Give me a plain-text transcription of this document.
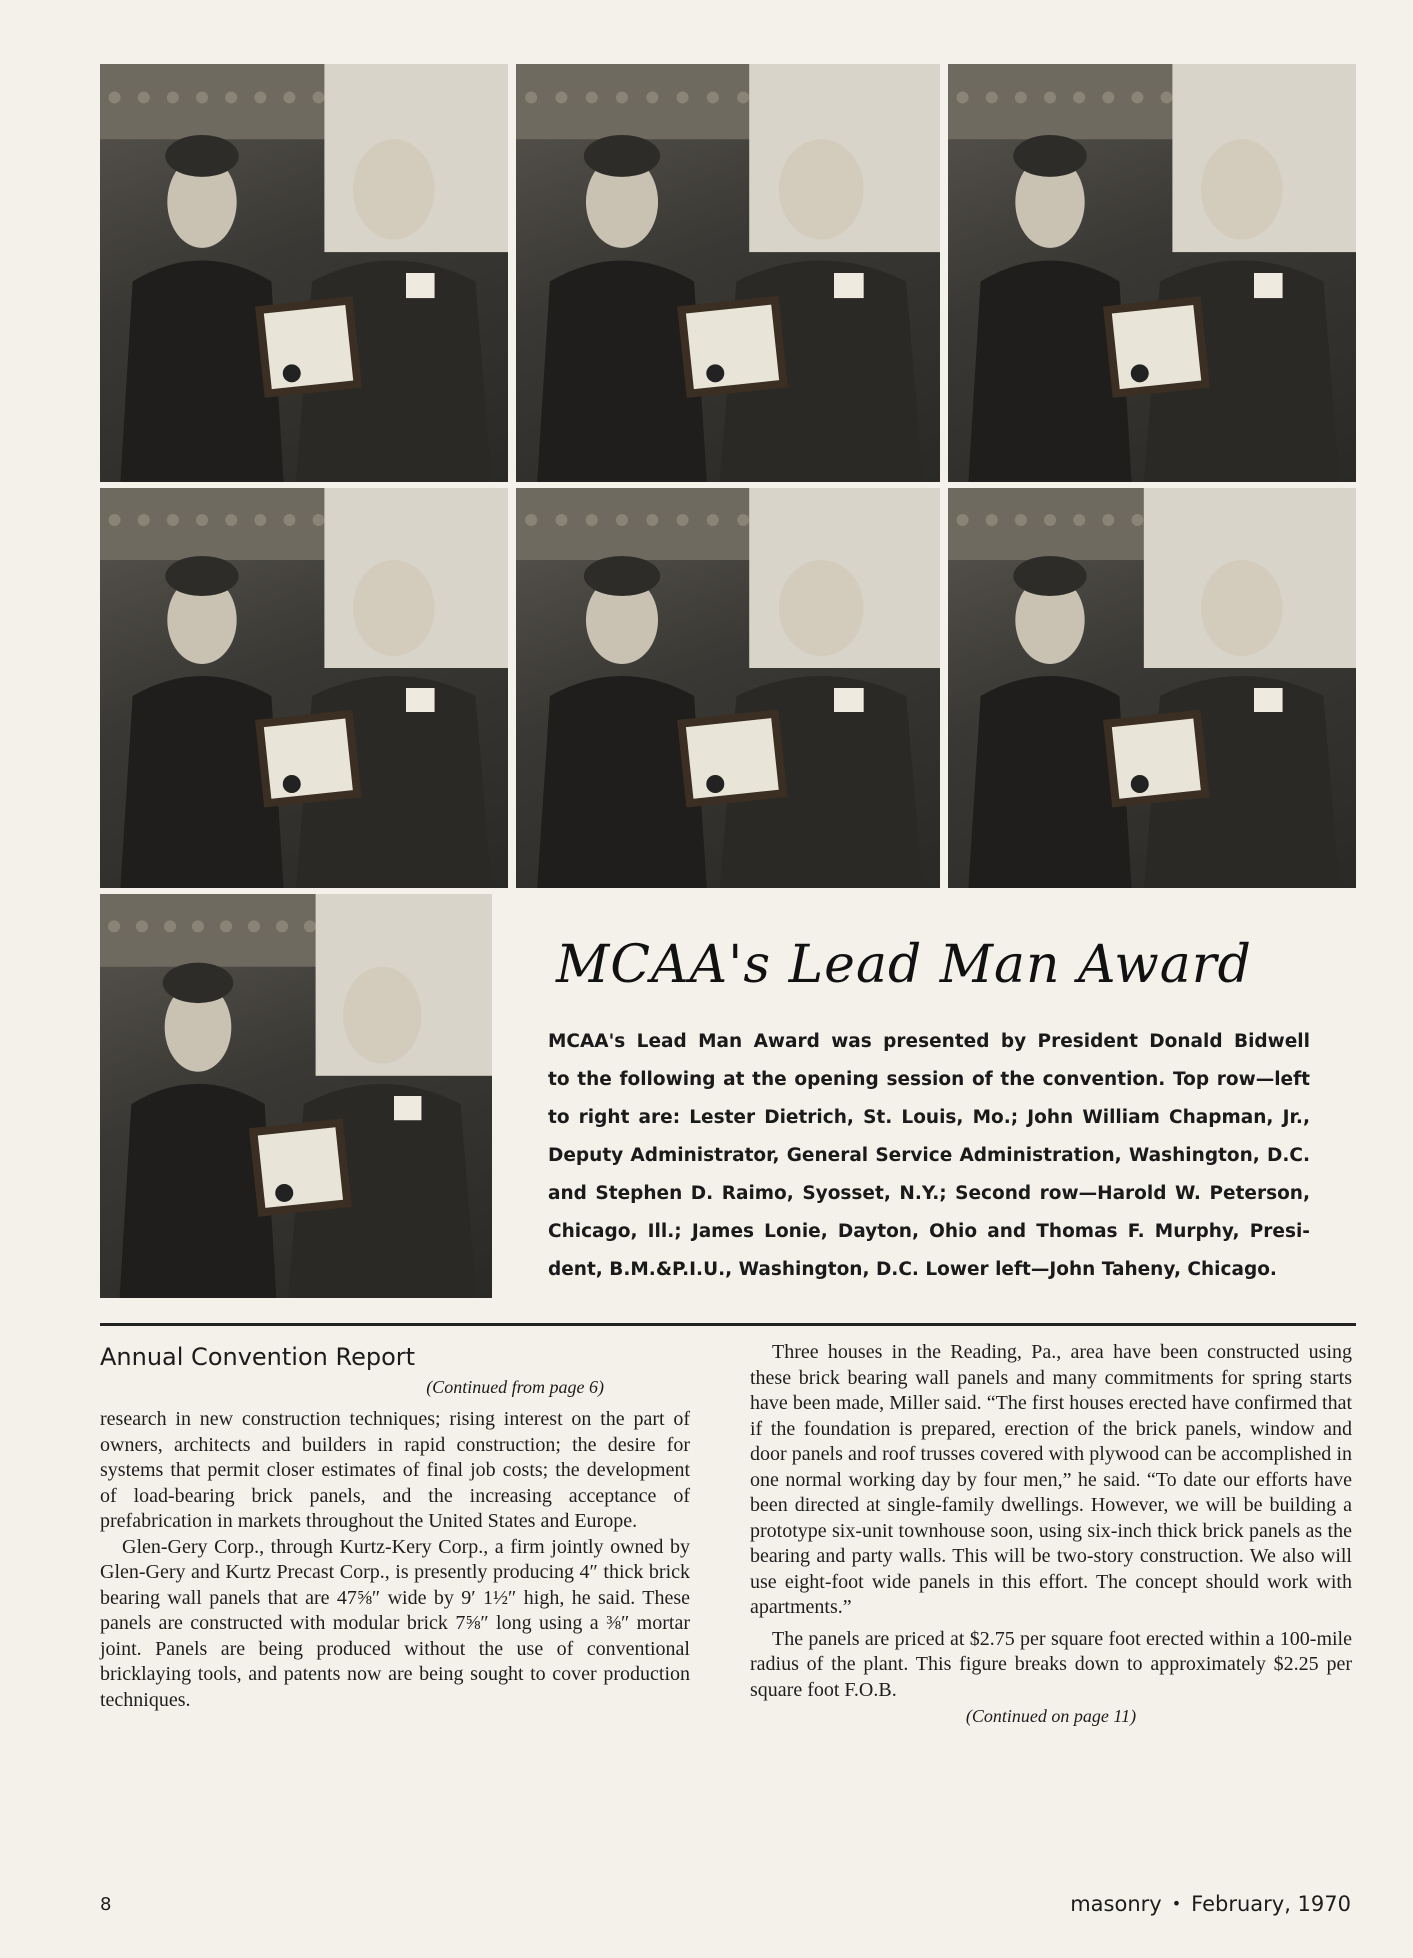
MCAA's Lead Man Award
MCAA's Lead Man Award was presented by President Donald Bidwell
to the following at the opening session of the convention. Top row—left
to right are: Lester Dietrich, St. Louis, Mo.; John William Chapman, Jr.,
Deputy Administrator, General Service Administration, Washington, D.C.
and Stephen D. Raimo, Syosset, N.Y.; Second row—Harold W. Peterson,
Chicago, Ill.; James Lonie, Dayton, Ohio and Thomas F. Murphy, Presi-
dent, B.M.&P.I.U., Washington, D.C. Lower left—John Taheny, Chicago.
Annual Convention Report
(Continued from page 6)

research in new construction techniques; rising interest on the part of owners, architects and builders in rapid construction; the desire for systems that permit closer estimates of final job costs; the development of load-bearing brick panels, and the increasing acceptance of prefabrication in markets throughout the United States and Europe.

Glen-Gery Corp., through Kurtz-Kery Corp., a firm jointly owned by Glen-Gery and Kurtz Precast Corp., is presently producing 4″ thick brick bearing wall panels that are 47⅝″ wide by 9′ 1½″ high, he said. These panels are constructed with modular brick 7⅝″ long using a ⅜″ mortar joint. Panels are being produced without the use of conventional bricklaying tools, and patents now are being sought to cover production techniques.

Three houses in the Reading, Pa., area have been constructed using these brick bearing wall panels and many commitments for spring starts have been made, Miller said. “The first houses erected have confirmed that if the foundation is prepared, erection of the brick panels, window and door panels and roof trusses covered with plywood can be accomplished in one normal working day by four men,” he said. “To date our efforts have been directed at single-family dwellings. However, we will be building a prototype six-unit townhouse soon, using six-inch thick brick panels as the bearing and party walls. This will be two-story construction. We also will use eight-foot wide panels in this effort. The concept should work with apartments.”

The panels are priced at $2.75 per square foot erected within a 100-mile radius of the plant. This figure breaks down to approximately $2.25 per square foot F.O.B.

(Continued on page 11)
8	masonry • February, 1970
